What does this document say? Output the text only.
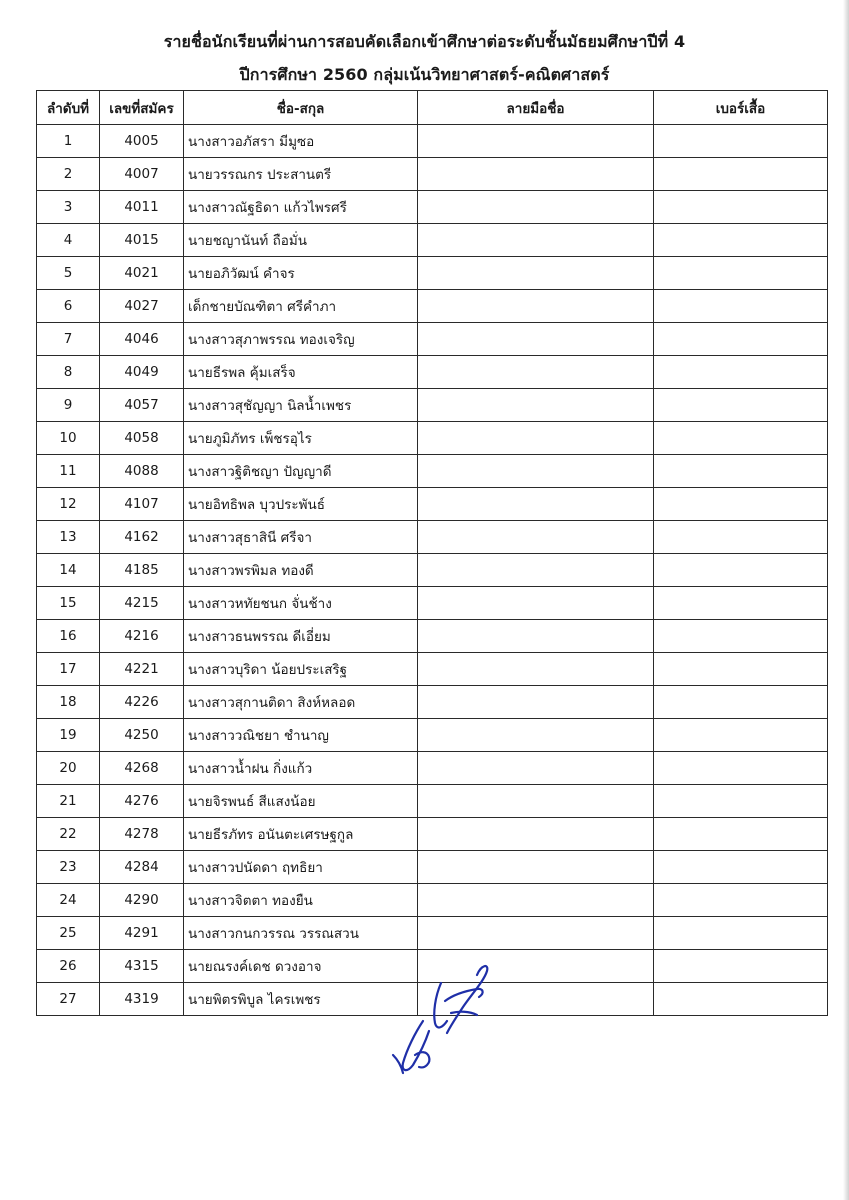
รายชื่อนักเรียนที่ผ่านการสอบคัดเลือกเข้าศึกษาต่อระดับชั้นมัธยมศึกษาปีที่ 4
ปีการศึกษา 2560 กลุ่มเน้นวิทยาศาสตร์-คณิตศาสตร์
ลำดับที่	เลขที่สมัคร	ชื่อ-สกุล	ลายมือชื่อ	เบอร์เสื้อ
1	4005	นางสาวอภัสรา มีมูซอ		
2	4007	นายวรรณกร ประสานตรี		
3	4011	นางสาวณัฐธิดา แก้วไพรศรี		
4	4015	นายชญานันท์ ถือมั่น		
5	4021	นายอภิวัฒน์ คำจร		
6	4027	เด็กชายบัณฑิตา ศรีคำภา		
7	4046	นางสาวสุภาพรรณ ทองเจริญ		
8	4049	นายธีรพล คุ้มเสร็จ		
9	4057	นางสาวสุชัญญา นิลน้ำเพชร		
10	4058	นายภูมิภัทร เพ็ชรอุไร		
11	4088	นางสาวฐิติชญา ปัญญาดี		
12	4107	นายอิทธิพล บุวประพันธ์		
13	4162	นางสาวสุธาสินี ศรีจา		
14	4185	นางสาวพรพิมล ทองดี		
15	4215	นางสาวหทัยชนก จั่นช้าง		
16	4216	นางสาวธนพรรณ ดีเอี่ยม		
17	4221	นางสาวบุริดา น้อยประเสริฐ		
18	4226	นางสาวสุกานติดา สิงห์หลอด		
19	4250	นางสาววณิชยา ชำนาญ		
20	4268	นางสาวน้ำฝน กิ่งแก้ว		
21	4276	นายจิรพนธ์ สีแสงน้อย		
22	4278	นายธีรภัทร อนันตะเศรษฐกูล		
23	4284	นางสาวปนัดดา ฤทธิยา		
24	4290	นางสาวจิตตา ทองยืน		
25	4291	นางสาวกนกวรรณ วรรณสวน		
26	4315	นายณรงค์เดช ดวงอาจ		
27	4319	นายพิตรพิบูล ไครเพชร		
